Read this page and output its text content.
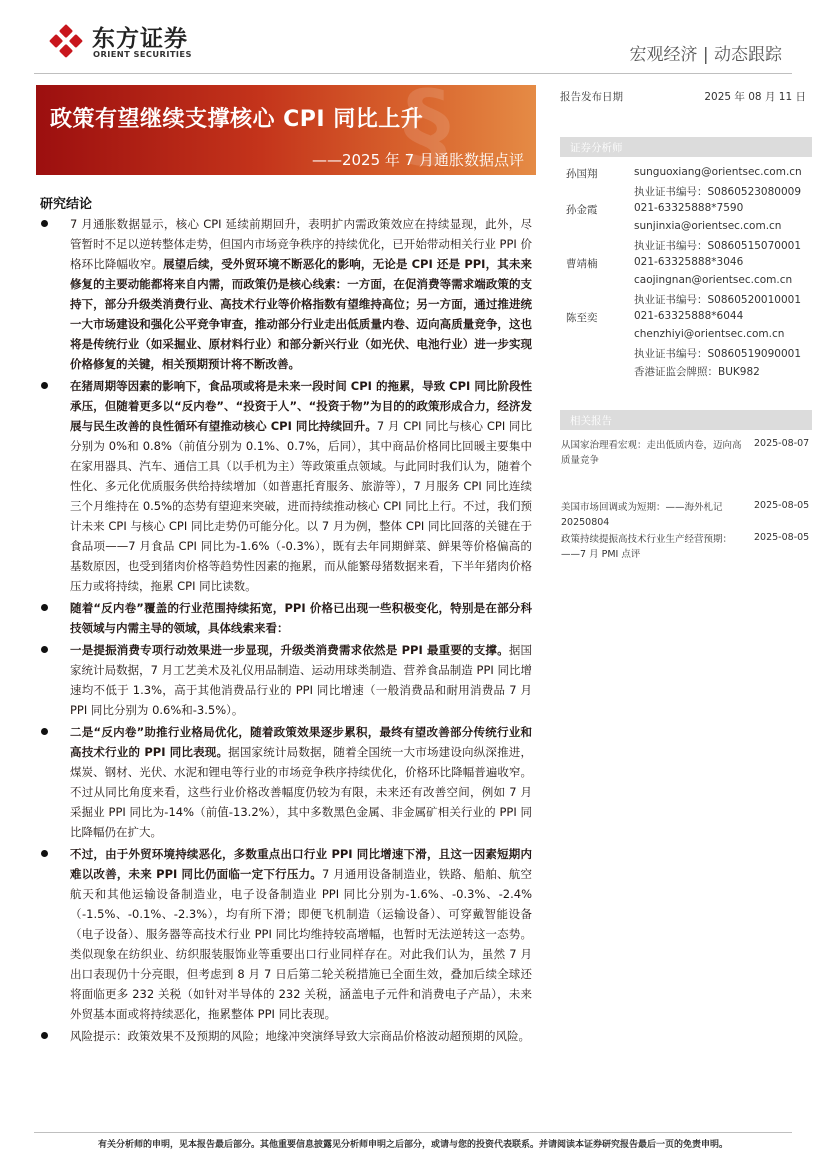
东方证券
ORIENT SECURITIES	宏观经济 | 动态跟踪
§
政策有望继续支撑核心 CPI 同比上升
——2025 年 7 月通胀数据点评
报告发布日期	2025 年 08 月 11 日
证券分析师
孙国翔	sunguoxiang@orientsec.com.cn
执业证书编号：S0860523080009
孙金霞	021-63325888*7590
sunjinxia@orientsec.com.cn
执业证书编号：S0860515070001
曹靖楠	021-63325888*3046
caojingnan@orientsec.com.cn
执业证书编号：S0860520010001
陈至奕	021-63325888*6044
chenzhiyi@orientsec.com.cn
执业证书编号：S0860519090001
香港证监会牌照：BUK982
相关报告
从国家治理看宏观：走出低质内卷，迈向高质量竞争
2025-08-07
美国市场回调或为短期：——海外札记20250804
2025-08-05
政策持续提振高技术行业生产经营预期：——7 月 PMI 点评
2025-08-05
研究结论
7 月通胀数据显示，核心 CPI 延续前期回升，表明扩内需政策效应在持续显现，此外，尽管暂时不足以逆转整体走势，但国内市场竞争秩序的持续优化，已开始带动相关行业 PPI 价格环比降幅收窄。展望后续，受外贸环境不断恶化的影响，无论是 CPI 还是 PPI，其未来修复的主要动能都将来自内需，而政策仍是核心线索：一方面，在促消费等需求端政策的支持下，部分升级类消费行业、高技术行业等价格指数有望维持高位；另一方面，通过推进统一大市场建设和强化公平竞争审查，推动部分行业走出低质量内卷、迈向高质量竞争，这也将是传统行业（如采掘业、原材料行业）和部分新兴行业（如光伏、电池行业）进一步实现价格修复的关键，相关预期预计将不断改善。
在猪周期等因素的影响下，食品项或将是未来一段时间 CPI 的拖累，导致 CPI 同比阶段性承压，但随着更多以“反内卷”、“投资于人”、“投资于物”为目的的政策形成合力，经济发展与民生改善的良性循环有望推动核心 CPI 同比持续回升。7 月 CPI 同比与核心 CPI 同比分别为 0%和 0.8%（前值分别为 0.1%、0.7%，后同），其中商品价格同比回暖主要集中在家用器具、汽车、通信工具（以手机为主）等政策重点领域。与此同时我们认为，随着个性化、多元化优质服务供给持续增加（如普惠托育服务、旅游等），7 月服务 CPI 同比连续三个月维持在 0.5%的态势有望迎来突破，进而持续推动核心 CPI 同比上行。不过，我们预计未来 CPI 与核心 CPI 同比走势仍可能分化。以 7 月为例，整体 CPI 同比回落的关键在于食品项——7 月食品 CPI 同比为-1.6%（-0.3%），既有去年同期鲜菜、鲜果等价格偏高的基数原因，也受到猪肉价格等趋势性因素的拖累，而从能繁母猪数据来看，下半年猪肉价格压力或将持续，拖累 CPI 同比读数。
随着“反内卷”覆盖的行业范围持续拓宽，PPI 价格已出现一些积极变化，特别是在部分科技领域与内需主导的领域，具体线索来看：
一是提振消费专项行动效果进一步显现，升级类消费需求依然是 PPI 最重要的支撑。据国家统计局数据，7 月工艺美术及礼仪用品制造、运动用球类制造、营养食品制造 PPI 同比增速均不低于 1.3%，高于其他消费品行业的 PPI 同比增速（一般消费品和耐用消费品 7 月 PPI 同比分别为 0.6%和-3.5%）。
二是“反内卷”助推行业格局优化，随着政策效果逐步累积，最终有望改善部分传统行业和高技术行业的 PPI 同比表现。据国家统计局数据，随着全国统一大市场建设向纵深推进，煤炭、钢材、光伏、水泥和锂电等行业的市场竞争秩序持续优化，价格环比降幅普遍收窄。不过从同比角度来看，这些行业价格改善幅度仍较为有限，未来还有改善空间，例如 7 月采掘业 PPI 同比为-14%（前值-13.2%），其中多数黑色金属、非金属矿相关行业的 PPI 同比降幅仍在扩大。
不过，由于外贸环境持续恶化，多数重点出口行业 PPI 同比增速下滑，且这一因素短期内难以改善，未来 PPI 同比仍面临一定下行压力。7 月通用设备制造业，铁路、船舶、航空航天和其他运输设备制造业，电子设备制造业 PPI 同比分别为-1.6%、-0.3%、-2.4%（-1.5%、-0.1%、-2.3%），均有所下滑；即便飞机制造（运输设备）、可穿戴智能设备（电子设备）、服务器等高技术行业 PPI 同比均维持较高增幅，也暂时无法逆转这一态势。类似现象在纺织业、纺织服装服饰业等重要出口行业同样存在。对此我们认为，虽然 7 月出口表现仍十分亮眼，但考虑到 8 月 7 日后第二轮关税措施已全面生效，叠加后续全球还将面临更多 232 关税（如针对半导体的 232 关税，涵盖电子元件和消费电子产品），未来外贸基本面或将持续恶化，拖累整体 PPI 同比表现。
风险提示：政策效果不及预期的风险；地缘冲突演绎导致大宗商品价格波动超预期的风险。
有关分析师的申明，见本报告最后部分。其他重要信息披露见分析师申明之后部分，或请与您的投资代表联系。并请阅读本证券研究报告最后一页的免责申明。
